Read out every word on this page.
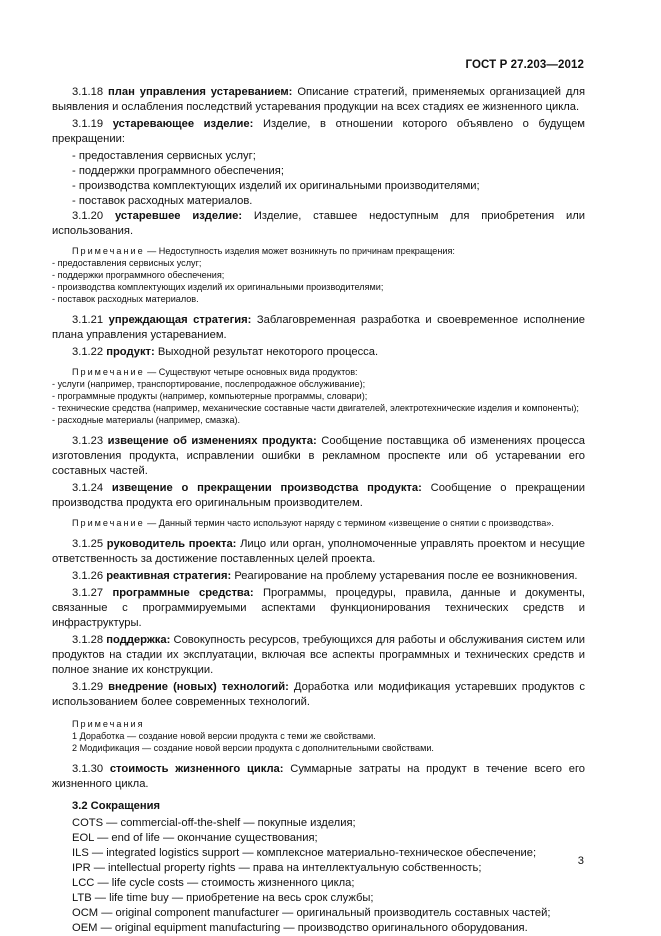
ГОСТ Р 27.203—2012

3.1.18 план управления устареванием: Описание стратегий, применяемых организацией для выявления и ослабления последствий устаревания продукции на всех стадиях ее жизненного цикла.

3.1.19 устаревающее изделие: Изделие, в отношении которого объявлено о будущем прекращении:

- предоставления сервисных услуг;
- поддержки программного обеспечения;
- производства комплектующих изделий их оригинальными производителями;
- поставок расходных материалов.

3.1.20 устаревшее изделие: Изделие, ставшее недоступным для приобретения или использования.

Примечание — Недоступность изделия может возникнуть по причинам прекращения:
- предоставления сервисных услуг;
- поддержки программного обеспечения;
- производства комплектующих изделий их оригинальными производителями;
- поставок расходных материалов.

3.1.21 упреждающая стратегия: Заблаговременная разработка и своевременное исполнение плана управления устареванием.

3.1.22 продукт: Выходной результат некоторого процесса.

Примечание — Существуют четыре основных вида продуктов:
- услуги (например, транспортирование, послепродажное обслуживание);
- программные продукты (например, компьютерные программы, словари);
- технические средства (например, механические составные части двигателей, электротехнические изделия и компоненты);
- расходные материалы (например, смазка).

3.1.23 извещение об изменениях продукта: Сообщение поставщика об изменениях процесса изготовления продукта, исправлении ошибки в рекламном проспекте или об устаревании его составных частей.

3.1.24 извещение о прекращении производства продукта: Сообщение о прекращении производства продукта его оригинальным производителем.

Примечание — Данный термин часто используют наряду с термином «извещение о снятии с производства».

3.1.25 руководитель проекта: Лицо или орган, уполномоченные управлять проектом и несущие ответственность за достижение поставленных целей проекта.

3.1.26 реактивная стратегия: Реагирование на проблему устаревания после ее возникновения.

3.1.27 программные средства: Программы, процедуры, правила, данные и документы, связанные с программируемыми аспектами функционирования технических средств и инфраструктуры.

3.1.28 поддержка: Совокупность ресурсов, требующихся для работы и обслуживания систем или продуктов на стадии их эксплуатации, включая все аспекты программных и технических средств и полное знание их конструкции.

3.1.29 внедрение (новых) технологий: Доработка или модификация устаревших продуктов с использованием более современных технологий.

Примечания
1 Доработка — создание новой версии продукта с теми же свойствами.
2 Модификация — создание новой версии продукта с дополнительными свойствами.

3.1.30 стоимость жизненного цикла: Суммарные затраты на продукт в течение всего его жизненного цикла.

3.2 Сокращения
COTS — commercial-off-the-shelf — покупные изделия;
EOL — end of life — окончание существования;
ILS — integrated logistics support — комплексное материально-техническое обеспечение;
IPR — intellectual property rights — права на интеллектуальную собственность;
LCC — life cycle costs — стоимость жизненного цикла;
LTB — life time buy — приобретение на весь срок службы;
OCM — original component manufacturer — оригинальный производитель составных частей;
OEM — original equipment manufacturing — производство оригинального оборудования.
3
